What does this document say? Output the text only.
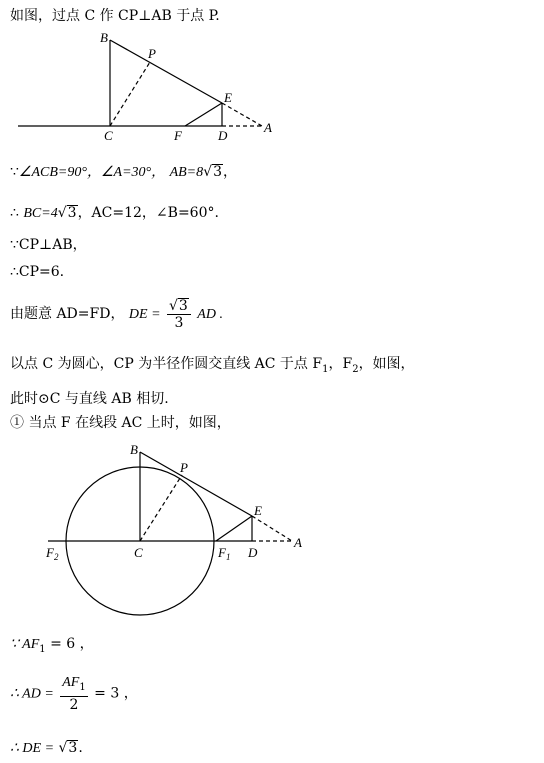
如图，过点 C 作 CP⊥AB 于点 P.
B
P
E
C	F	D
A
∵∠ACB=90°，∠A=30°， AB=8√3，
∴ BC=4√3，AC=12，∠B=60°.
∵CP⊥AB，
∴CP=6.
由题意 AD=FD， DE = $\frac{√3}{3}$ AD .
以点 C 为圆心，CP 为半径作圆交直线 AC 于点 $F_1$，$F_2$，如图，
此时⊙C 与直线 AB 相切.
① 当点 F 在线段 AC 上时，如图，
B
P
E
$F_2$	C	$F_1$ D
A
∵ $AF_1 = 6$ ，
∴ AD = $\frac{AF_1}{2} = 3$ ，
∴ DE = √3.
